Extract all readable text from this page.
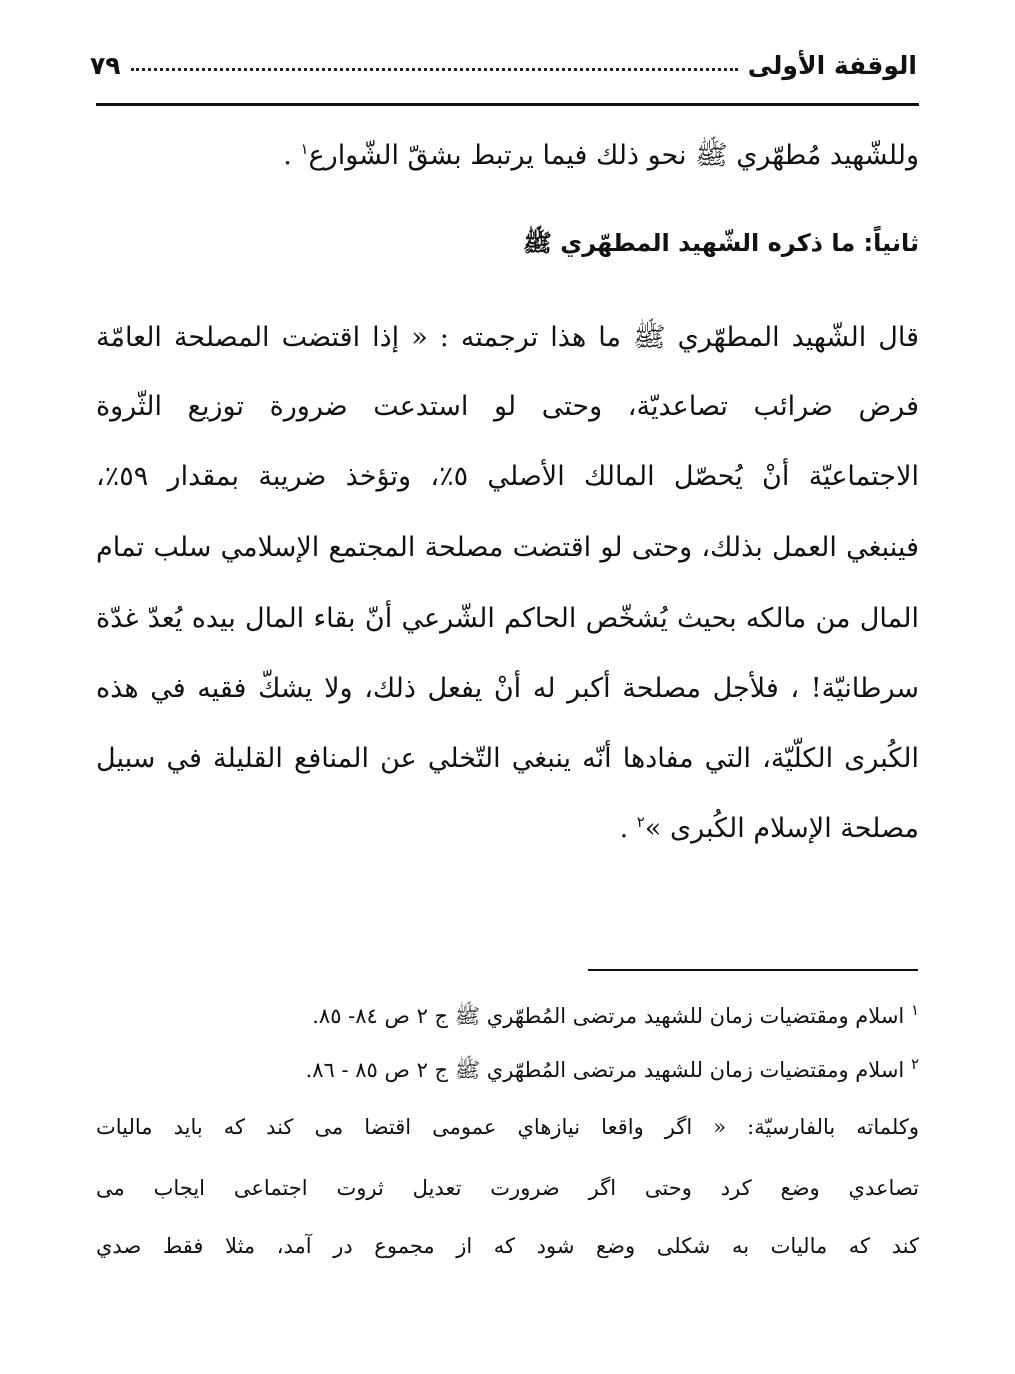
الوقفة الأولى
٧٩
وللشّهيد مُطهّري ﷺ نحو ذلك فيما يرتبط بشقّ الشّوارع$^١$ .
ثانياً: ما ذكره الشّهيد المطهّري ﷺ
قال الشّهيد المطهّري ﷺ ما هذا ترجمته : « إذا اقتضت المصلحة العامّة
فرض ضرائب تصاعديّة، وحتى لو استدعت ضرورة توزيع الثّروة
الاجتماعيّة أنْ يُحصّل المالك الأصلي ٥٪، وتؤخذ ضريبة بمقدار ٥٩٪،
فينبغي العمل بذلك، وحتى لو اقتضت مصلحة المجتمع الإسلامي سلب تمام
المال من مالكه بحيث يُشخّص الحاكم الشّرعي أنّ بقاء المال بيده يُعدّ غدّة
سرطانيّة! ، فلأجل مصلحة أكبر له أنْ يفعل ذلك، ولا يشكّ فقيه في هذه
الكُبرى الكلّيّة، التي مفادها أنّه ينبغي التّخلي عن المنافع القليلة في سبيل
مصلحة الإسلام الكُبرى »$^٢$ .
$^١$ اسلام ومقتضيات زمان للشهيد مرتضى المُطهّري ﷺ ج ٢ ص ٨٤- ٨٥.
$^٢$ اسلام ومقتضيات زمان للشهيد مرتضى المُطهّري ﷺ ج ٢ ص ٨٥ - ٨٦.
وكلماته بالفارسيّة: « اگر واقعا نيازهاي عمومى اقتضا مى كند كه بايد ماليات
تصاعدي وضع كرد وحتى اگر ضرورت تعديل ثروت اجتماعى ايجاب مى
كند كه ماليات به شكلى وضع شود كه از مجموع در آمد، مثلا فقط صدي
